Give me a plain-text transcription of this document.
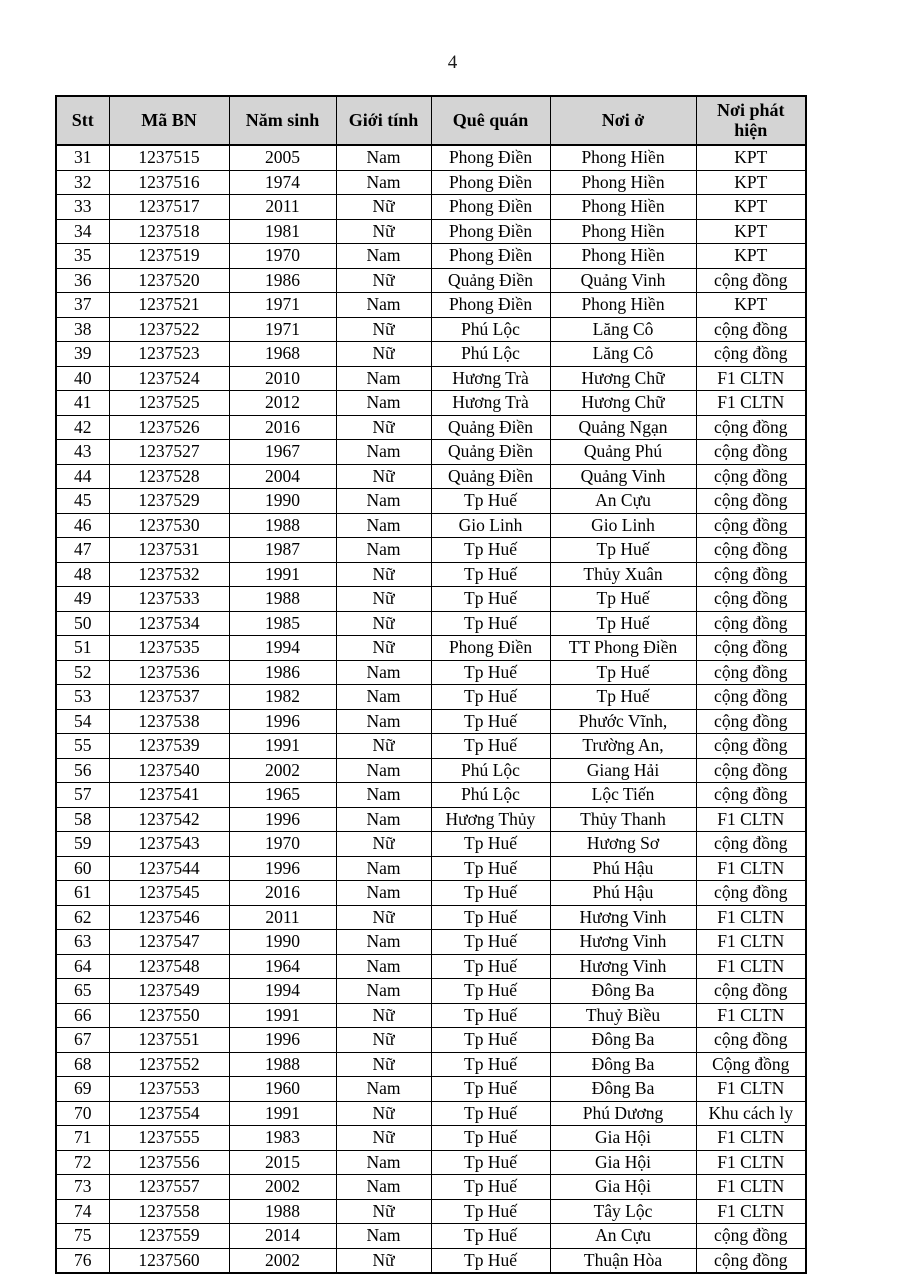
4
Stt	Mã BN	Năm sinh	Giới tính	Quê quán	Nơi ở	Nơi phát hiện
31	1237515	2005	Nam	Phong Điền	Phong Hiền	KPT
32	1237516	1974	Nam	Phong Điền	Phong Hiền	KPT
33	1237517	2011	Nữ	Phong Điền	Phong Hiền	KPT
34	1237518	1981	Nữ	Phong Điền	Phong Hiền	KPT
35	1237519	1970	Nam	Phong Điền	Phong Hiền	KPT
36	1237520	1986	Nữ	Quảng Điền	Quảng Vinh	cộng đồng
37	1237521	1971	Nam	Phong Điền	Phong Hiền	KPT
38	1237522	1971	Nữ	Phú Lộc	Lăng Cô	cộng đồng
39	1237523	1968	Nữ	Phú Lộc	Lăng Cô	cộng đồng
40	1237524	2010	Nam	Hương Trà	Hương Chữ	F1 CLTN
41	1237525	2012	Nam	Hương Trà	Hương Chữ	F1 CLTN
42	1237526	2016	Nữ	Quảng Điền	Quảng Ngạn	cộng đồng
43	1237527	1967	Nam	Quảng Điền	Quảng Phú	cộng đồng
44	1237528	2004	Nữ	Quảng Điền	Quảng Vinh	cộng đồng
45	1237529	1990	Nam	Tp Huế	An Cựu	cộng đồng
46	1237530	1988	Nam	Gio Linh	Gio Linh	cộng đồng
47	1237531	1987	Nam	Tp Huế	Tp Huế	cộng đồng
48	1237532	1991	Nữ	Tp Huế	Thủy Xuân	cộng đồng
49	1237533	1988	Nữ	Tp Huế	Tp Huế	cộng đồng
50	1237534	1985	Nữ	Tp Huế	Tp Huế	cộng đồng
51	1237535	1994	Nữ	Phong Điền	TT Phong Điền	cộng đồng
52	1237536	1986	Nam	Tp Huế	Tp Huế	cộng đồng
53	1237537	1982	Nam	Tp Huế	Tp Huế	cộng đồng
54	1237538	1996	Nam	Tp Huế	Phước Vĩnh,	cộng đồng
55	1237539	1991	Nữ	Tp Huế	Trường An,	cộng đồng
56	1237540	2002	Nam	Phú Lộc	Giang Hải	cộng đồng
57	1237541	1965	Nam	Phú Lộc	Lộc Tiến	cộng đồng
58	1237542	1996	Nam	Hương Thủy	Thủy Thanh	F1 CLTN
59	1237543	1970	Nữ	Tp Huế	Hương Sơ	cộng đồng
60	1237544	1996	Nam	Tp Huế	Phú Hậu	F1 CLTN
61	1237545	2016	Nam	Tp Huế	Phú Hậu	cộng đồng
62	1237546	2011	Nữ	Tp Huế	Hương Vinh	F1 CLTN
63	1237547	1990	Nam	Tp Huế	Hương Vinh	F1 CLTN
64	1237548	1964	Nam	Tp Huế	Hương Vinh	F1 CLTN
65	1237549	1994	Nam	Tp Huế	Đông Ba	cộng đồng
66	1237550	1991	Nữ	Tp Huế	Thuỷ Biều	F1 CLTN
67	1237551	1996	Nữ	Tp Huế	Đông Ba	cộng đồng
68	1237552	1988	Nữ	Tp Huế	Đông Ba	Cộng đồng
69	1237553	1960	Nam	Tp Huế	Đông Ba	F1 CLTN
70	1237554	1991	Nữ	Tp Huế	Phú Dương	Khu cách ly
71	1237555	1983	Nữ	Tp Huế	Gia Hội	F1 CLTN
72	1237556	2015	Nam	Tp Huế	Gia Hội	F1 CLTN
73	1237557	2002	Nam	Tp Huế	Gia Hội	F1 CLTN
74	1237558	1988	Nữ	Tp Huế	Tây Lộc	F1 CLTN
75	1237559	2014	Nam	Tp Huế	An Cựu	cộng đồng
76	1237560	2002	Nữ	Tp Huế	Thuận Hòa	cộng đồng
